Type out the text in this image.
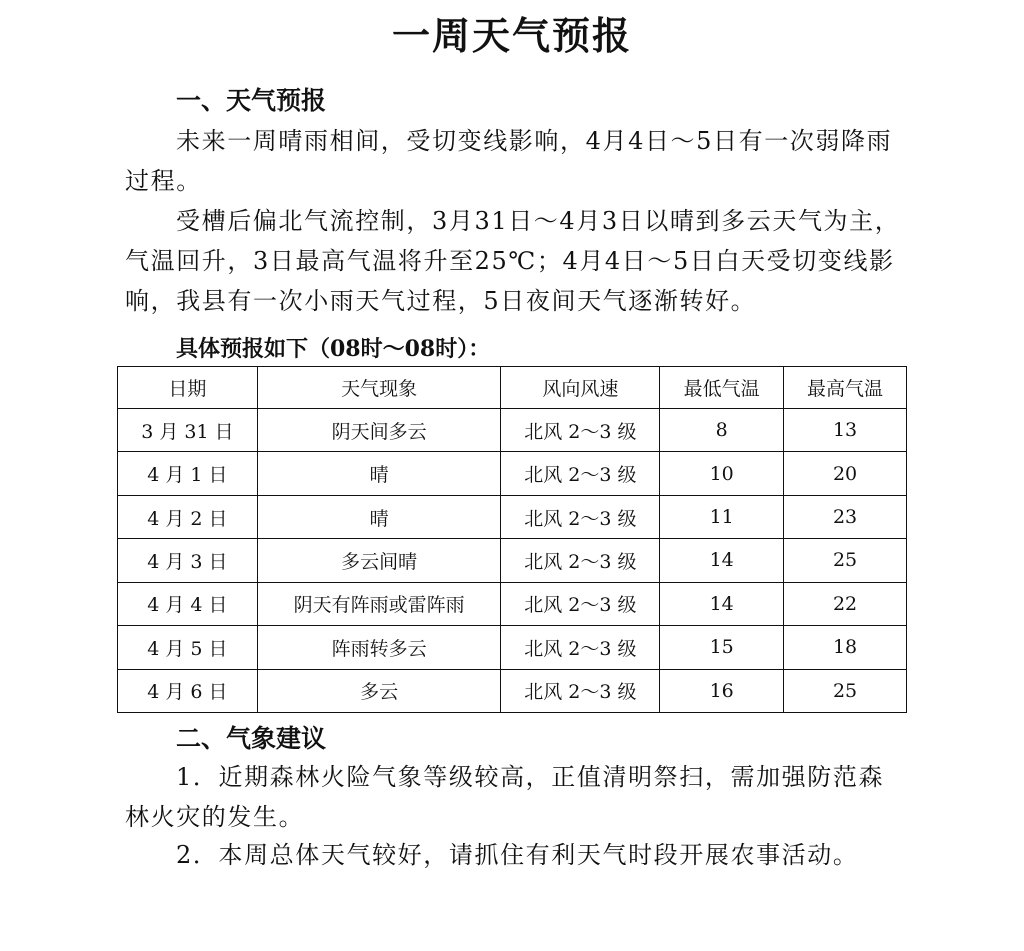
一周天气预报
一、天气预报
未来一周晴雨相间，受切变线影响，4月4日～5日有一次弱降雨过程。
受槽后偏北气流控制，3月31日～4月3日以晴到多云天气为主，气温回升，3日最高气温将升至25℃；4月4日～5日白天受切变线影响，我县有一次小雨天气过程，5日夜间天气逐渐转好。
具体预报如下（08时～08时）：
日期	天气现象	风向风速	最低气温	最高气温
3 月 31 日	阴天间多云	北风 2～3 级	8	13
4 月 1 日	晴	北风 2～3 级	10	20
4 月 2 日	晴	北风 2～3 级	11	23
4 月 3 日	多云间晴	北风 2～3 级	14	25
4 月 4 日	阴天有阵雨或雷阵雨	北风 2～3 级	14	22
4 月 5 日	阵雨转多云	北风 2～3 级	15	18
4 月 6 日	多云	北风 2～3 级	16	25
二、气象建议
1．近期森林火险气象等级较高，正值清明祭扫，需加强防范森林火灾的发生。
2．本周总体天气较好，请抓住有利天气时段开展农事活动。
